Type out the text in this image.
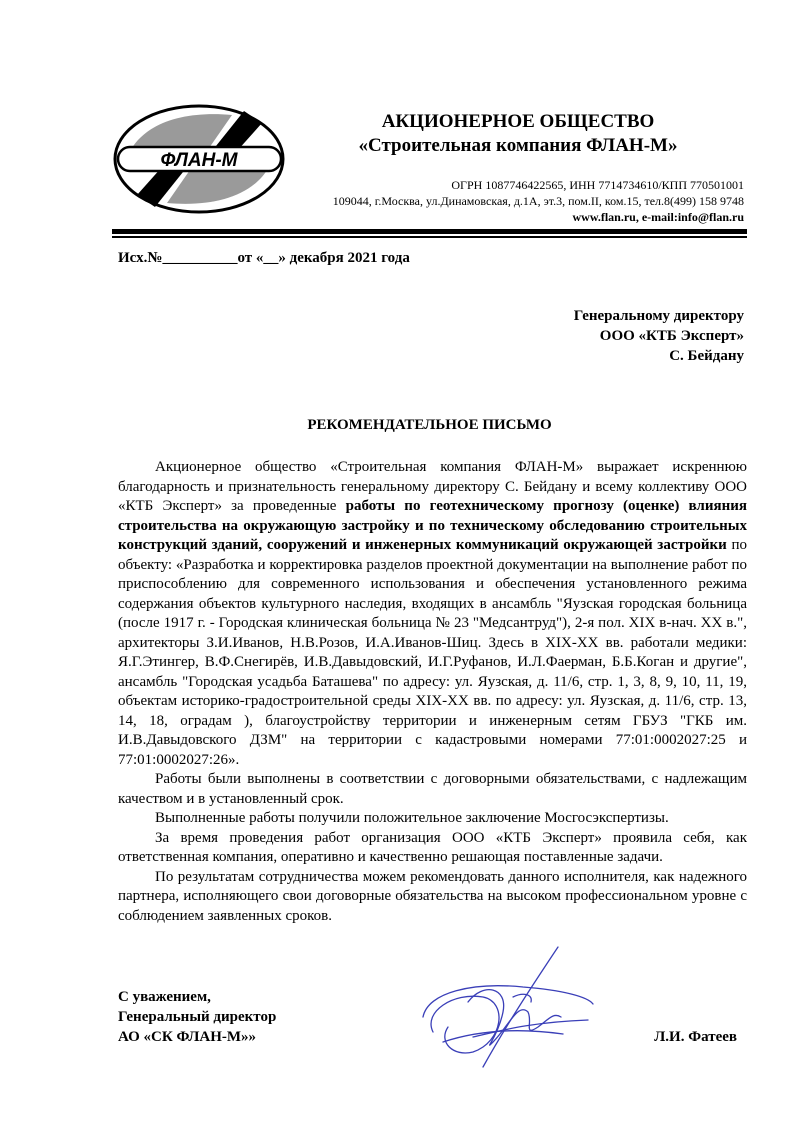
ФЛАН-М
АКЦИОНЕРНОЕ ОБЩЕСТВО
«Строительная компания ФЛАН-М»
ОГРН 1087746422565, ИНН 7714734610/КПП 770501001
109044, г.Москва, ул.Динамовская, д.1А, эт.3, пом.II, ком.15, тел.8(499) 158 9748
www.flan.ru, e-mail:info@flan.ru
Исх.№__________от «__» декабря 2021 года
Генеральному директору
ООО «КТБ Эксперт»
С. Бейдану
РЕКОМЕНДАТЕЛЬНОЕ ПИСЬМО

Акционерное общество «Строительная компания ФЛАН-М» выражает искреннюю благодарность и признательность генеральному директору С. Бейдану и всему коллективу ООО «КТБ Эксперт» за проведенные работы по геотехническому прогнозу (оценке) влияния строительства на окружающую застройку и по техническому обследованию строительных конструкций зданий, сооружений и инженерных коммуникаций окружающей застройки по объекту: «Разработка и корректировка разделов проектной документации на выполнение работ по приспособлению для современного использования и обеспечения установленного режима содержания объектов культурного наследия, входящих в ансамбль "Яузская городская больница (после 1917 г. - Городская клиническая больница № 23 "Медсантруд"), 2-я пол. XIX в-нач. XX в.", архитекторы З.И.Иванов, Н.В.Розов, И.А.Иванов-Шиц. Здесь в XIX-XX вв. работали медики: Я.Г.Этингер, В.Ф.Снегирёв, И.В.Давыдовский, И.Г.Руфанов, И.Л.Фаерман, Б.Б.Коган и другие", ансамбль "Городская усадьба Баташева" по адресу: ул. Яузская, д. 11/6, стр. 1, 3, 8, 9, 10, 11, 19, объектам историко-градостроительной среды XIX-XX вв. по адресу: ул. Яузская, д. 11/6, стр. 13, 14, 18, оградам ), благоустройству территории и инженерным сетям ГБУЗ "ГКБ им. И.В.Давыдовского ДЗМ" на территории с кадастровыми номерами 77:01:0002027:25 и 77:01:0002027:26».

Работы были выполнены в соответствии с договорными обязательствами, с надлежащим качеством и в установленный срок.

Выполненные работы получили положительное заключение Мосгосэкспертизы.

За время проведения работ организация ООО «КТБ Эксперт» проявила себя, как ответственная компания, оперативно и качественно решающая поставленные задачи.

По результатам сотрудничества можем рекомендовать данного исполнителя, как надежного партнера, исполняющего свои договорные обязательства на высоком профессиональном уровне с соблюдением заявленных сроков.

С уважением,
Генеральный директор
АО «СК ФЛАН-М»»	Л.И. Фатеев
